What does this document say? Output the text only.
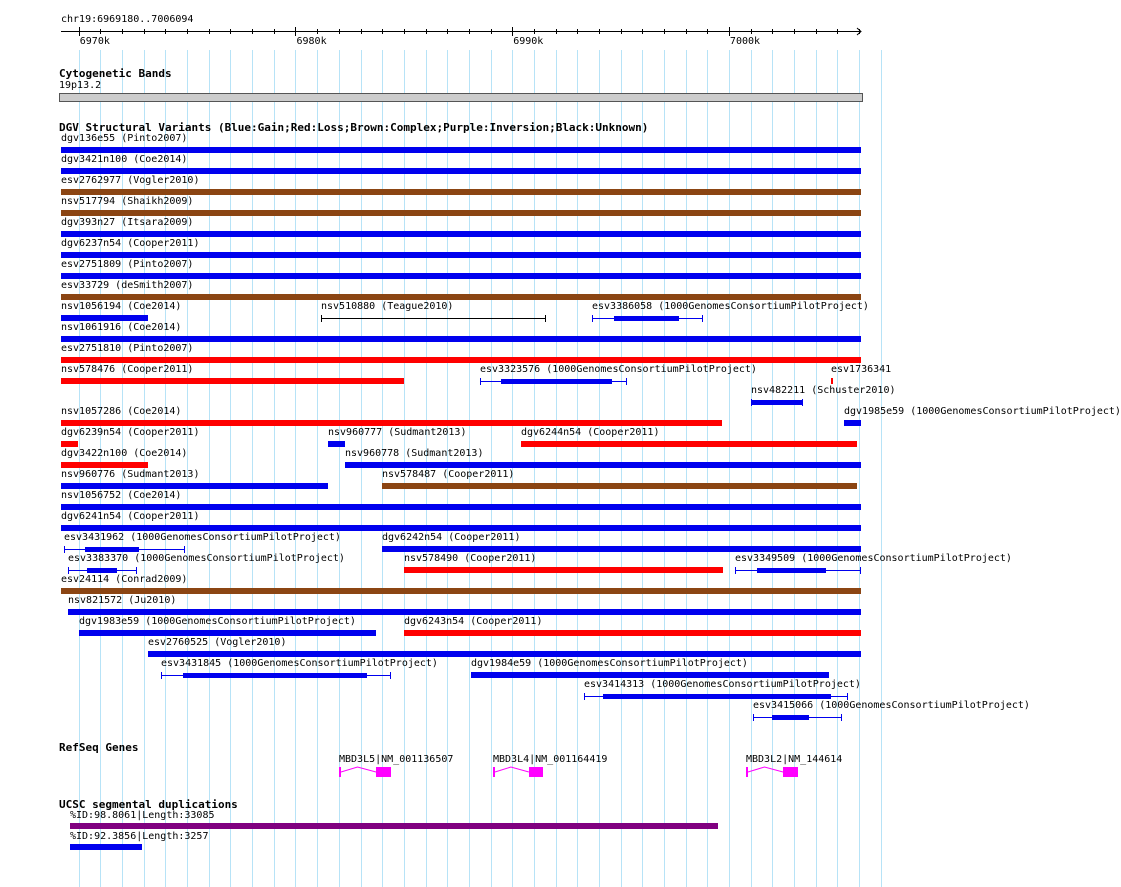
chr19:6969180..7006094
6970k	6980k	6990k	7000k
Cytogenetic Bands
19p13.2
DGV Structural Variants (Blue:Gain;Red:Loss;Brown:Complex;Purple:Inversion;Black:Unknown)
RefSeq Genes
UCSC segmental duplications
dgv136e55 (Pinto2007)
dgv3421n100 (Coe2014)
esv2762977 (Vogler2010)
nsv517794 (Shaikh2009)
dgv393n27 (Itsara2009)
dgv6237n54 (Cooper2011)
esv2751809 (Pinto2007)
esv33729 (deSmith2007)
nsv1056194 (Coe2014)	nsv510880 (Teague2010)	esv3386058 (1000GenomesConsortiumPilotProject)
nsv1061916 (Coe2014)
esv2751810 (Pinto2007)
nsv578476 (Cooper2011)	esv3323576 (1000GenomesConsortiumPilotProject)
nsv482211 (Schuster2010)
nsv1057286 (Coe2014)
esv1736341
dgv6239n54 (Cooper2011)	nsv960777 (Sudmant2013)	dgv6244n54 (Cooper2011)
dgv3422n100 (Coe2014)	nsv960778 (Sudmant2013)
nsv960776 (Sudmant2013)	nsv578487 (Cooper2011)
nsv1056752 (Coe2014)
dgv6241n54 (Cooper2011)
esv3431962 (1000GenomesConsortiumPilotProject)	dgv6242n54 (Cooper2011)
esv3383370 (1000GenomesConsortiumPilotProject)	nsv578490 (Cooper2011)
dgv1985e59 (1000GenomesConsortiumPilotProject)
esv24114 (Conrad2009)
nsv821572 (Ju2010)
dgv1983e59 (1000GenomesConsortiumPilotProject)	dgv6243n54 (Cooper2011)
esv2760525 (Vogler2010)
esv3431845 (1000GenomesConsortiumPilotProject)	dgv1984e59 (1000GenomesConsortiumPilotProject)
esv3414313 (1000GenomesConsortiumPilotProject)
esv3349509 (1000GenomesConsortiumPilotProject)
esv3415066 (1000GenomesConsortiumPilotProject)
MBD3L5|NM_001136507	MBD3L4|NM_001164419	MBD3L2|NM_144614
%ID:98.8061|Length:33085
%ID:92.3856|Length:3257
